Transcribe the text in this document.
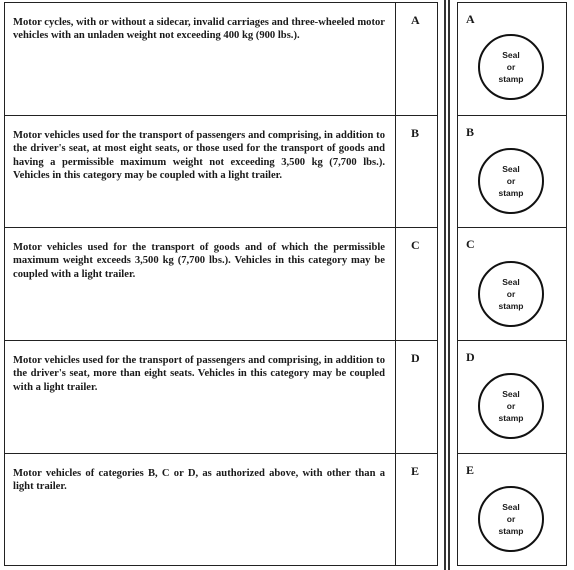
Motor cycles, with or without a sidecar, invalid carriages and three-wheeled motor vehicles with an unladen weight not exceeding 400 kg (900 lbs.).
A
Motor vehicles used for the transport of passengers and comprising, in addition to the driver's seat, at most eight seats, or those used for the transport of goods and having a permissible maximum weight not exceeding 3,500 kg (7,700 lbs.). Vehicles in this category may be coupled with a light trailer.
B
Motor vehicles used for the transport of goods and of which the permissible maximum weight exceeds 3,500 kg (7,700 lbs.). Vehicles in this category may be coupled with a light trailer.
C
Motor vehicles used for the transport of passengers and comprising, in addition to the driver's seat, more than eight seats. Vehicles in this category may be coupled with a light trailer.
D
Motor vehicles of categories B, C or D, as authorized above, with other than a light trailer.
E
A
Seal
or
stamp
B
Seal
or
stamp
C
Seal
or
stamp
D
Seal
or
stamp
E
Seal
or
stamp
